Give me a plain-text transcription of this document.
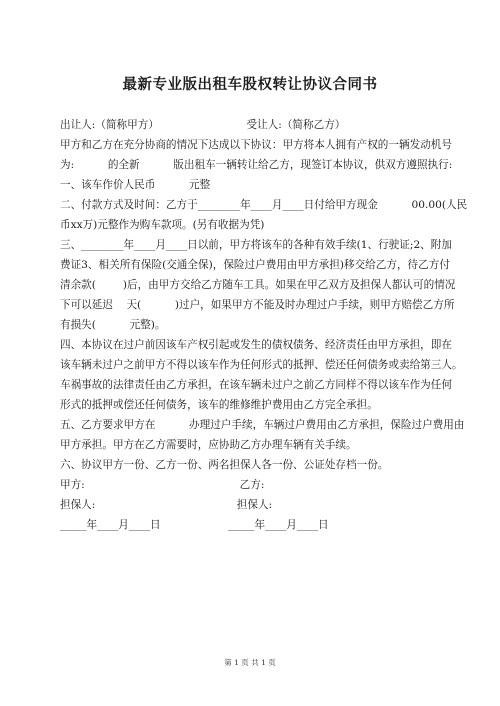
最新专业版出租车股权转让协议合同书
出让人:（简称甲方）                          受让人:（简称乙方）
甲方和乙方在充分协商的情况下达成以下协议：甲方将本人拥有产权的一辆发动机号
为:          的全新          版出租车一辆转让给乙方，现签订本协议，供双方遵照执行:
一、该车作价人民币          元整
二、付款方式及时间：乙方于________年____月____日付给甲方现金          00.00(人民
币xx万)元整作为购车款项。(另有收据为凭)
三、________年____月____日以前，甲方将该车的各种有效手续(1、行驶证;2、附加
费证3、相关所有保险(交通全保)，保险过户费用由甲方承担)移交给乙方，待乙方付
清余款(        )后，由甲方交给乙方随车工具。如果在甲乙双方及担保人都认可的情况
下可以延迟    天(          )过户，如果甲方不能及时办理过户手续，则甲方赔偿乙方所
有损失(          元整)。
四、本协议在过户前因该车产权引起或发生的债权债务、经济责任由甲方承担，即在
该车辆未过户之前甲方不得以该车作为任何形式的抵押、偿还任何债务或卖给第三人。
车祸事故的法律责任由乙方承担，在该车辆未过户之前乙方同样不得以该车作为任何
形式的抵押或偿还任何债务，该车的维修维护费用由乙方完全承担。
五、乙方要求甲方在          办理过户手续，车辆过户费用由乙方承担，保险过户费用由
甲方承担。甲方在乙方需要时，应协助乙方办理车辆有关手续。
六、协议甲方一份、乙方一份、两名担保人各一份、公证处存档一份。
甲方:                                              乙方:
担保人:                                          担保人:
_____年____月____日                    _____年____月____日
第 1 页 共 1 页
